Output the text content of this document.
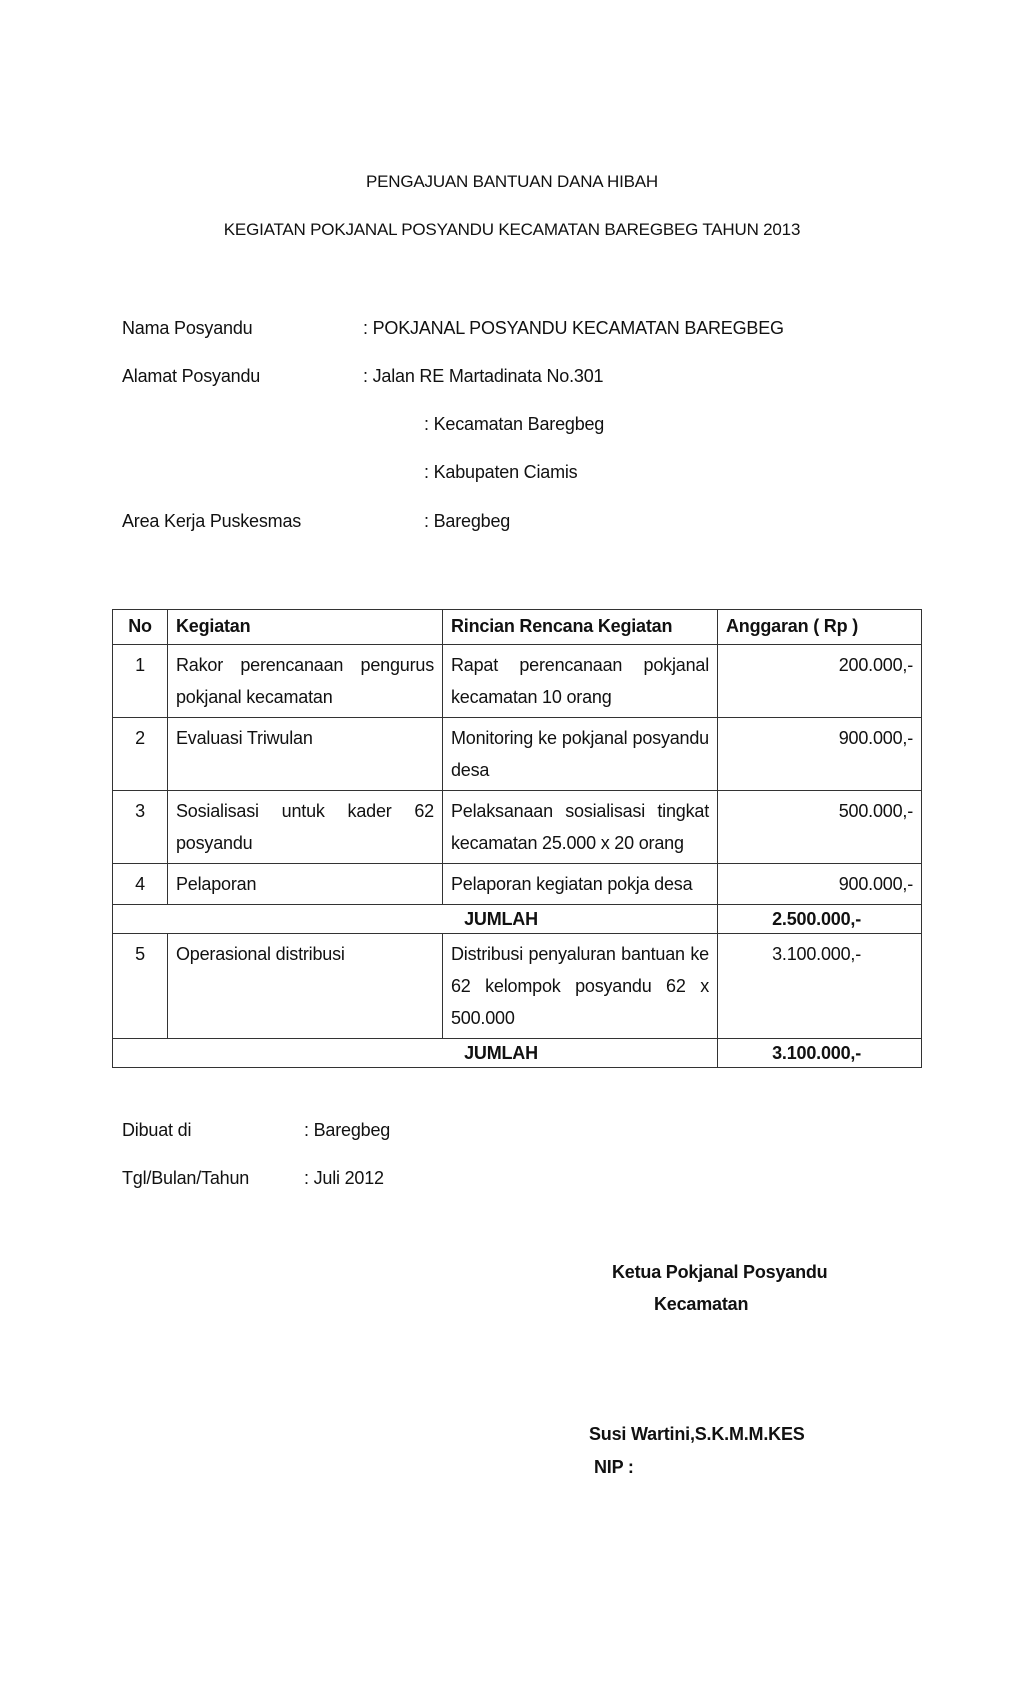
PENGAJUAN BANTUAN DANA HIBAH
KEGIATAN POKJANAL POSYANDU KECAMATAN BAREGBEG TAHUN 2013
Nama Posyandu	: POKJANAL POSYANDU KECAMATAN BAREGBEG
Alamat Posyandu	: Jalan RE Martadinata No.301
: Kecamatan Baregbeg
: Kabupaten Ciamis
Area Kerja Puskesmas	: Baregbeg
No	Kegiatan	Rincian Rencana Kegiatan	Anggaran ( Rp )
1	Rakor perencanaan pengurus pokjanal kecamatan	Rapat perencanaan pokjanal kecamatan 10 orang	200.000,-
2	Evaluasi Triwulan	Monitoring ke pokjanal posyandu desa	900.000,-
3	Sosialisasi untuk kader 62 posyandu	Pelaksanaan sosialisasi tingkat kecamatan 25.000 x 20 orang	500.000,-
4	Pelaporan	Pelaporan kegiatan pokja desa	900.000,-
JUMLAH			2.500.000,-
5	Operasional distribusi	Distribusi penyaluran bantuan ke 62 kelompok posyandu 62 x 500.000	3.100.000,-
JUMLAH			3.100.000,-
Dibuat di	: Baregbeg
Tgl/Bulan/Tahun	: Juli 2012
Ketua Pokjanal Posyandu
Kecamatan
Susi Wartini,S.K.M.M.KES
NIP :
